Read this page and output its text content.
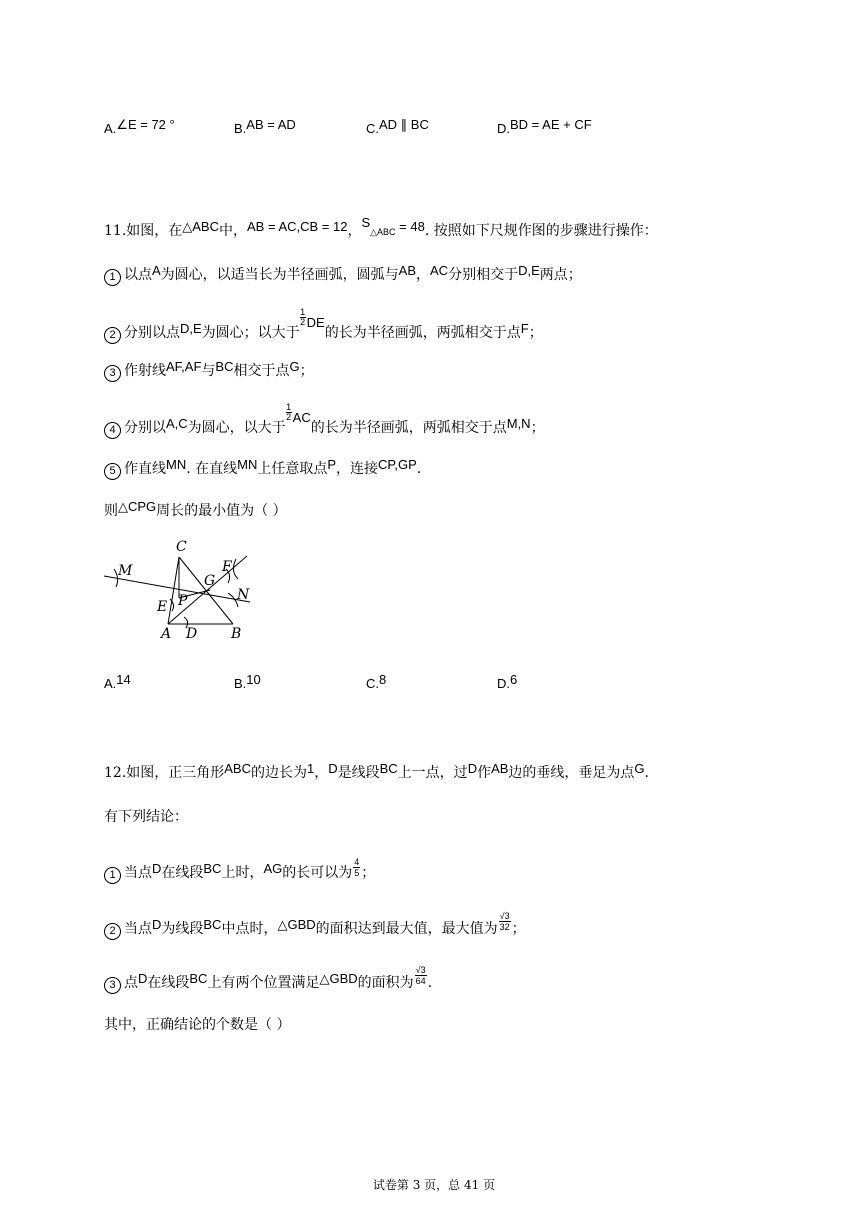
A.$^{\angle E = 72 ^\circ}$	B.$^{AB = AD}$	C.$^{AD \parallel BC}$	D.$^{BD = AE + CF}$
11.如图，在△ABC中，AB = AC,CB = 12，S△ABC = 48. 按照如下尺规作图的步骤进行操作：
1 以点A为圆心，以适当长为半径画弧，圆弧与AB，AC分别相交于D,E两点；
2 分别以点D,E为圆心；以大于
$\frac{1}{2}$ DE的长为半径画弧，两弧相交于点F；
3 作射线AF,AF与BC相交于点G；
4 分别以A,C为圆心，以大于
$\frac{1}{2}$ AC的长为半径画弧，两弧相交于点M,N；
5 作直线MN. 在直线MN上任意取点P，连接CP,GP.
则△CPG周长的最小值为（ ）
C
M	F
G
N
P
E
A D B
A.$^{14}$	B.$^{10}$	C.$^8$	D.$^6$
12.如图，正三角形ABC的边长为1，D是线段BC上一点，过D作AB边的垂线，垂足为点G.
有下列结论：
1 当点D在线段BC上时，AG的长可以为 $\frac{4}{5}$ ；
2 当点D为线段BC中点时，△GBD的面积达到最大值，最大值为 $\frac{√3}{32}$ ；
3 点D在线段BC上有两个位置满足△GBD的面积为 $\frac{√3}{64}$ .
其中，正确结论的个数是（ ）
试卷第 3 页，总 41 页
